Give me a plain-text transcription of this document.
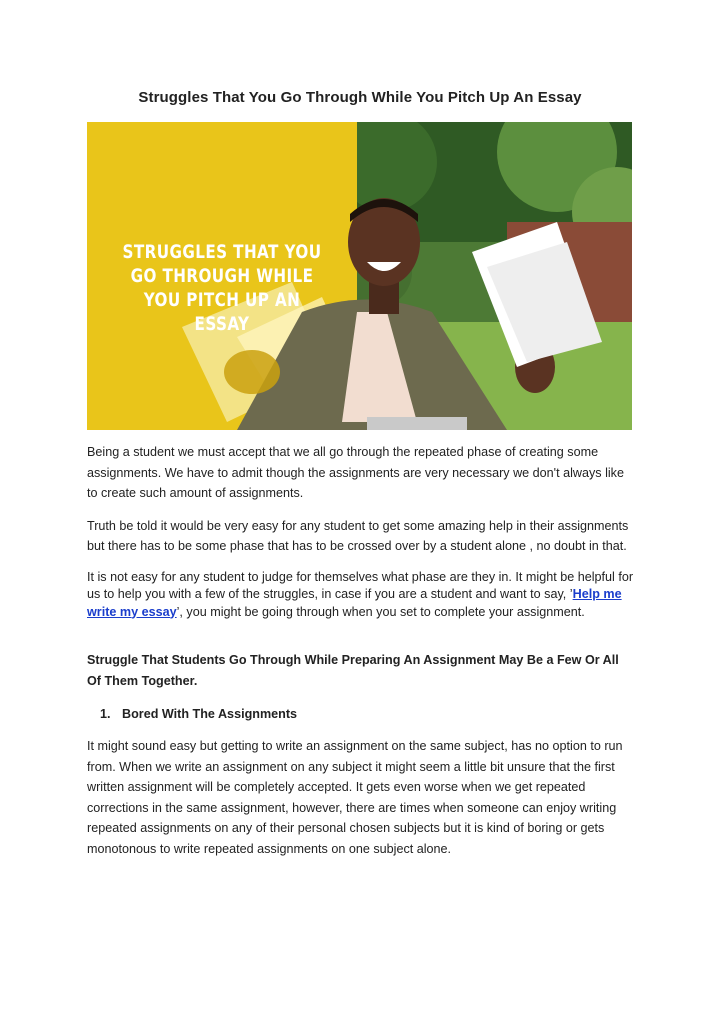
Struggles That You Go Through While You Pitch Up An Essay
STRUGGLES THAT YOU GO THROUGH WHILE YOU PITCH UP AN ESSAY

Being a student we must accept that we all go through the repeated phase of creating some assignments. We have to admit though the assignments are very necessary we don't always like to create such amount of assignments.

Truth be told it would be very easy for any student to get some amazing help in their assignments but there has to be some phase that has to be crossed over by a student alone , no doubt in that.

It is not easy for any student to judge for themselves what phase are they in. It might be helpful for us to help you with a few of the struggles, in case if you are a student and want to say, ’Help me write my essay’, you might be going through when you set to complete your assignment.

Struggle That Students Go Through While Preparing An Assignment May Be a Few Or All Of Them Together.

1. Bored With The Assignments

It might sound easy but getting to write an assignment on the same subject, has no option to run from. When we write an assignment on any subject it might seem a little bit unsure that the first written assignment will be completely accepted. It gets even worse when we get repeated corrections in the same assignment, however, there are times when someone can enjoy writing repeated assignments on any of their personal chosen subjects but it is kind of boring or gets monotonous to write repeated assignments on one subject alone.
